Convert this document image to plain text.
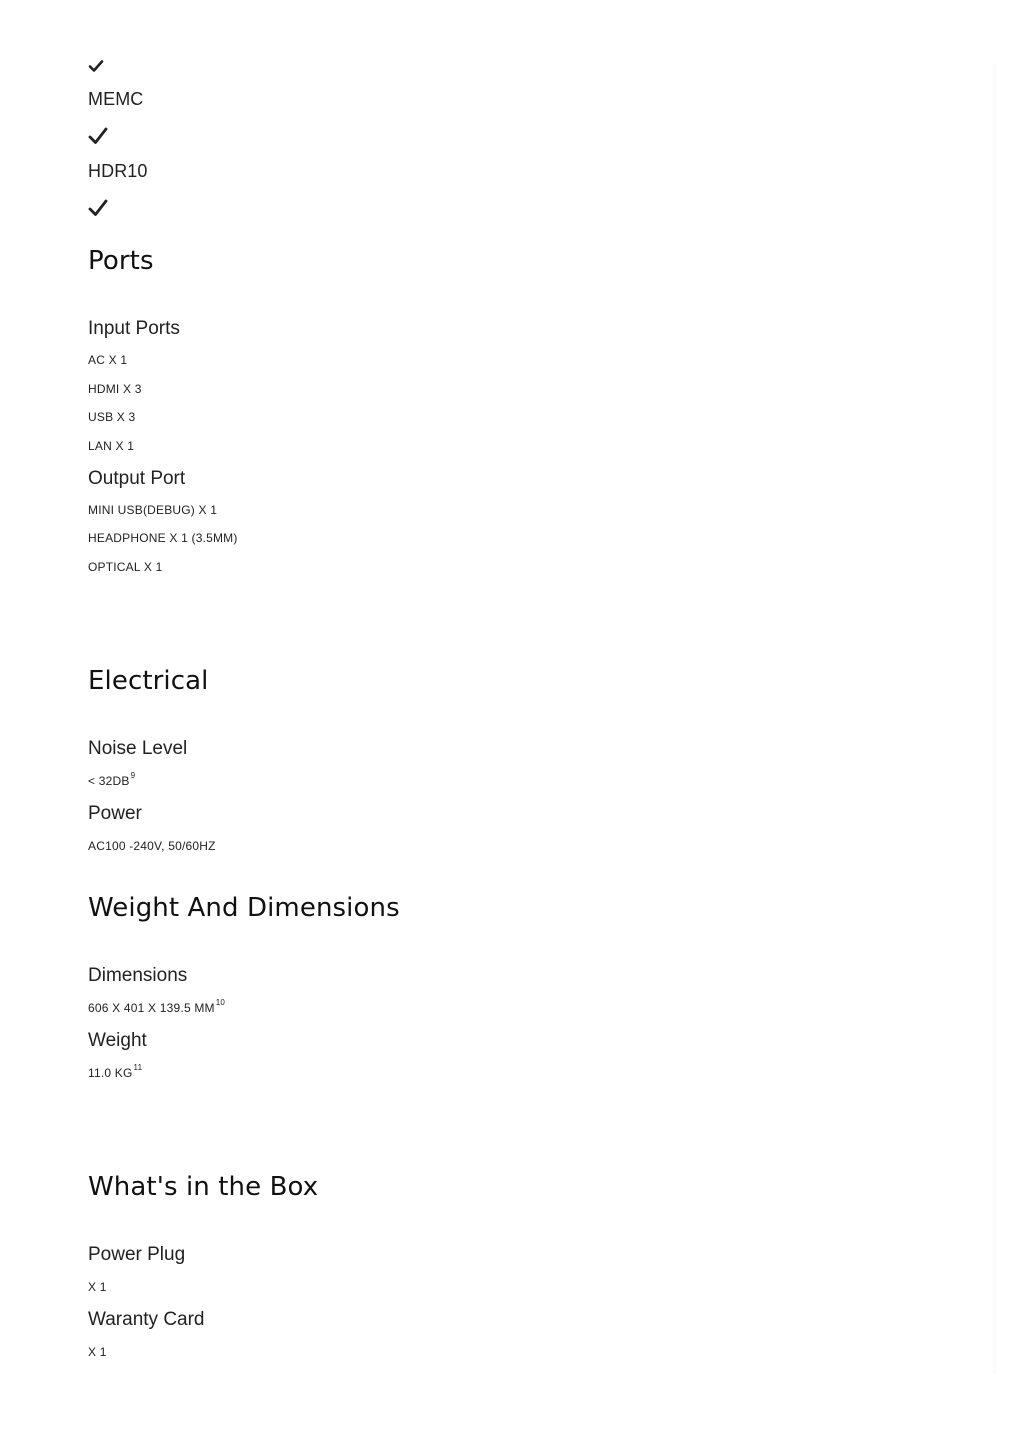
MEMC
HDR10
Ports
Input Ports
AC X 1
HDMI X 3
USB X 3
LAN X 1
Output Port
MINI USB(DEBUG) X 1
HEADPHONE X 1 (3.5MM)
OPTICAL X 1
Electrical
Noise Level
< $32DB^9$
Power
AC100 -240V, 50/60HZ
Weight And Dimensions
Dimensions
606 X 401 X 139.5 MM$^{10}$
Weight
11.0 KG$^{11}$
What's in the Box
Power Plug
X 1
Waranty Card
X 1
